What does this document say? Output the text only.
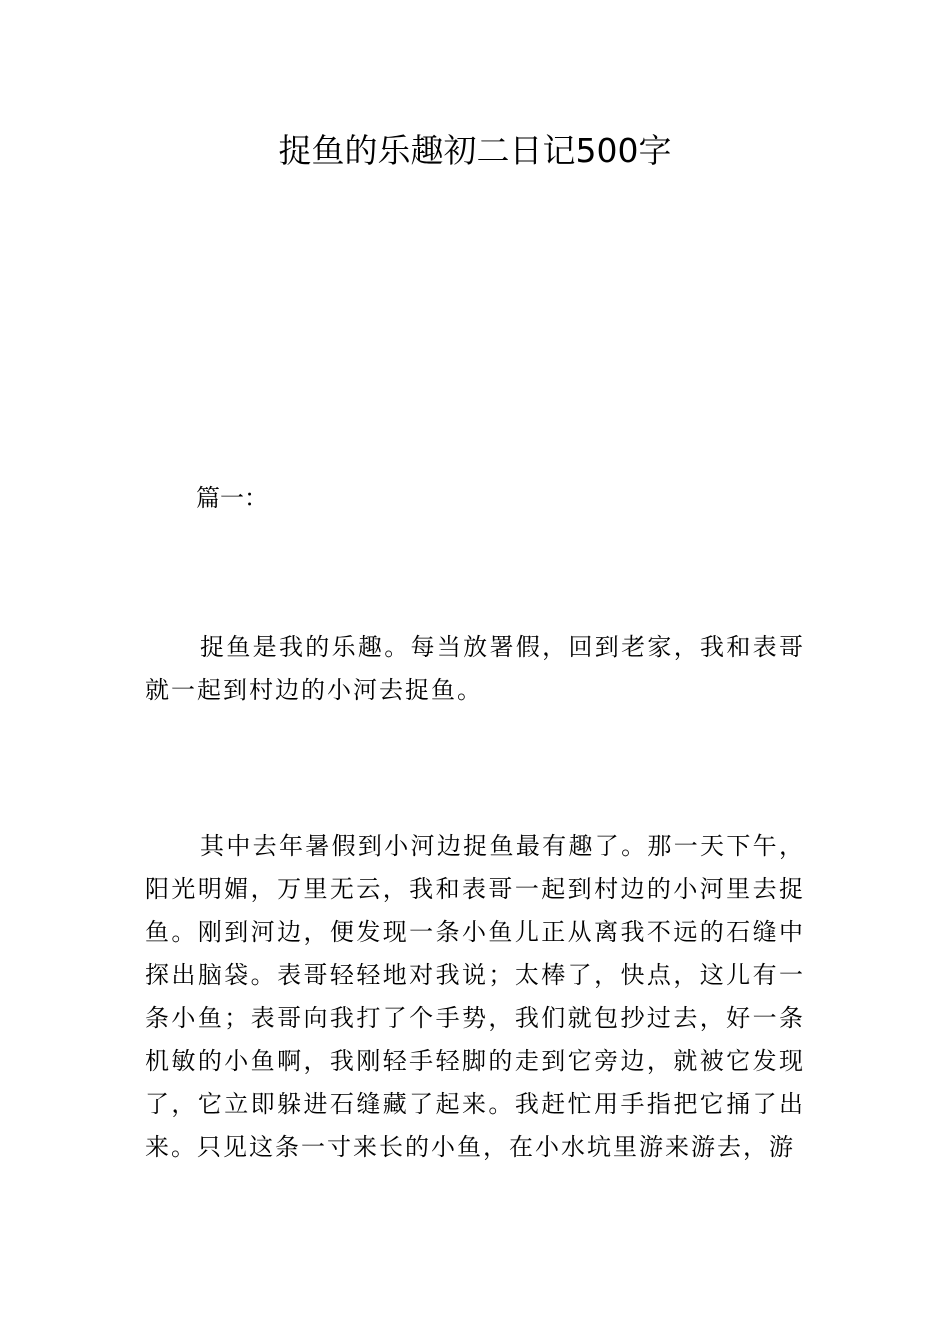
捉鱼的乐趣初二日记500字
篇一：

捉鱼是我的乐趣。每当放署假，回到老家，我和表哥就一起到村边的小河去捉鱼。

其中去年暑假到小河边捉鱼最有趣了。那一天下午，阳光明媚，万里无云，我和表哥一起到村边的小河里去捉鱼。刚到河边，便发现一条小鱼儿正从离我不远的石缝中探出脑袋。表哥轻轻地对我说；太棒了，快点，这儿有一条小鱼；表哥向我打了个手势，我们就包抄过去，好一条机敏的小鱼啊，我刚轻手轻脚的走到它旁边，就被它发现了，它立即躲进石缝藏了起来。我赶忙用手指把它捅了出来。只见这条一寸来长的小鱼，在小水坑里游来游去，游
